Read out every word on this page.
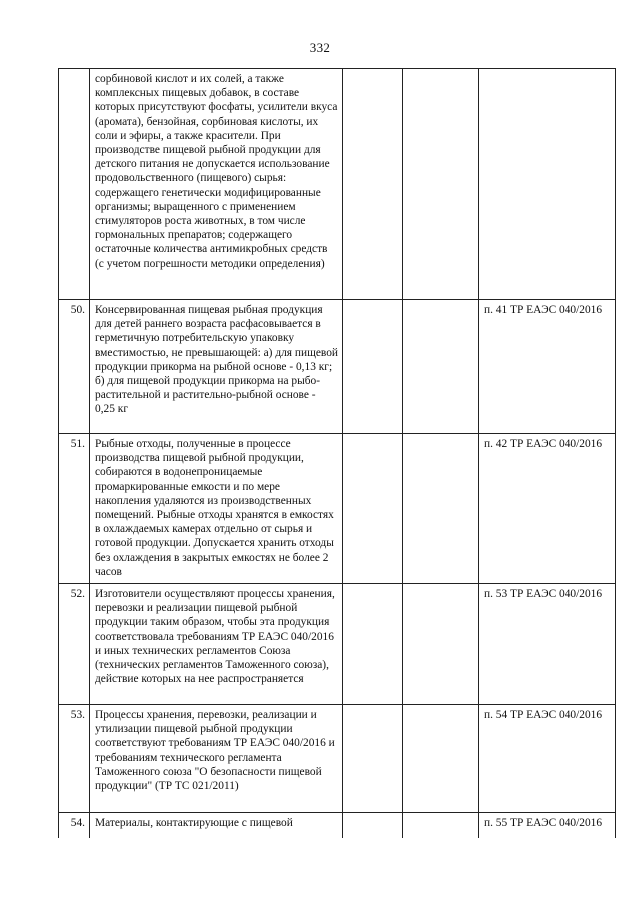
332
	сорбиновой кислот и их солей, а также комплексных пищевых добавок, в составе которых присутствуют фосфаты, усилители вкуса (аромата), бензойная, сорбиновая кислоты, их соли и эфиры, а также красители. При производстве пищевой рыбной продукции для детского питания не допускается использование продовольственного (пищевого) сырья: содержащего генетически модифицированные организмы; выращенного с применением стимуляторов роста животных, в том числе гормональных препаратов; содержащего остаточные количества антимикробных средств (с учетом погрешности методики определения)			
50.	Консервированная пищевая рыбная продукция для детей раннего возраста расфасовывается в герметичную потребительскую упаковку вместимостью, не превышающей: а) для пищевой продукции прикорма на рыбной основе - 0,13 кг; б) для пищевой продукции прикорма на рыбо-растительной и растительно-рыбной основе - 0,25 кг			п. 41 ТР ЕАЭС 040/2016
51.	Рыбные отходы, полученные в процессе производства пищевой рыбной продукции, собираются в водонепроницаемые промаркированные емкости и по мере накопления удаляются из производственных помещений. Рыбные отходы хранятся в емкостях в охлаждаемых камерах отдельно от сырья и готовой продукции. Допускается хранить отходы без охлаждения в закрытых емкостях не более 2 часов			п. 42 ТР ЕАЭС 040/2016
52.	Изготовители осуществляют процессы хранения, перевозки и реализации пищевой рыбной продукции таким образом, чтобы эта продукция соответствовала требованиям ТР ЕАЭС 040/2016 и иных технических регламентов Союза (технических регламентов Таможенного союза), действие которых на нее распространяется			п. 53 ТР ЕАЭС 040/2016
53.	Процессы хранения, перевозки, реализации и утилизации пищевой рыбной продукции соответствуют требованиям ТР ЕАЭС 040/2016 и требованиям технического регламента Таможенного союза "О безопасности пищевой продукции" (ТР ТС 021/2011)			п. 54 ТР ЕАЭС 040/2016
54.	Материалы, контактирующие с пищевой			п. 55 ТР ЕАЭС 040/2016
